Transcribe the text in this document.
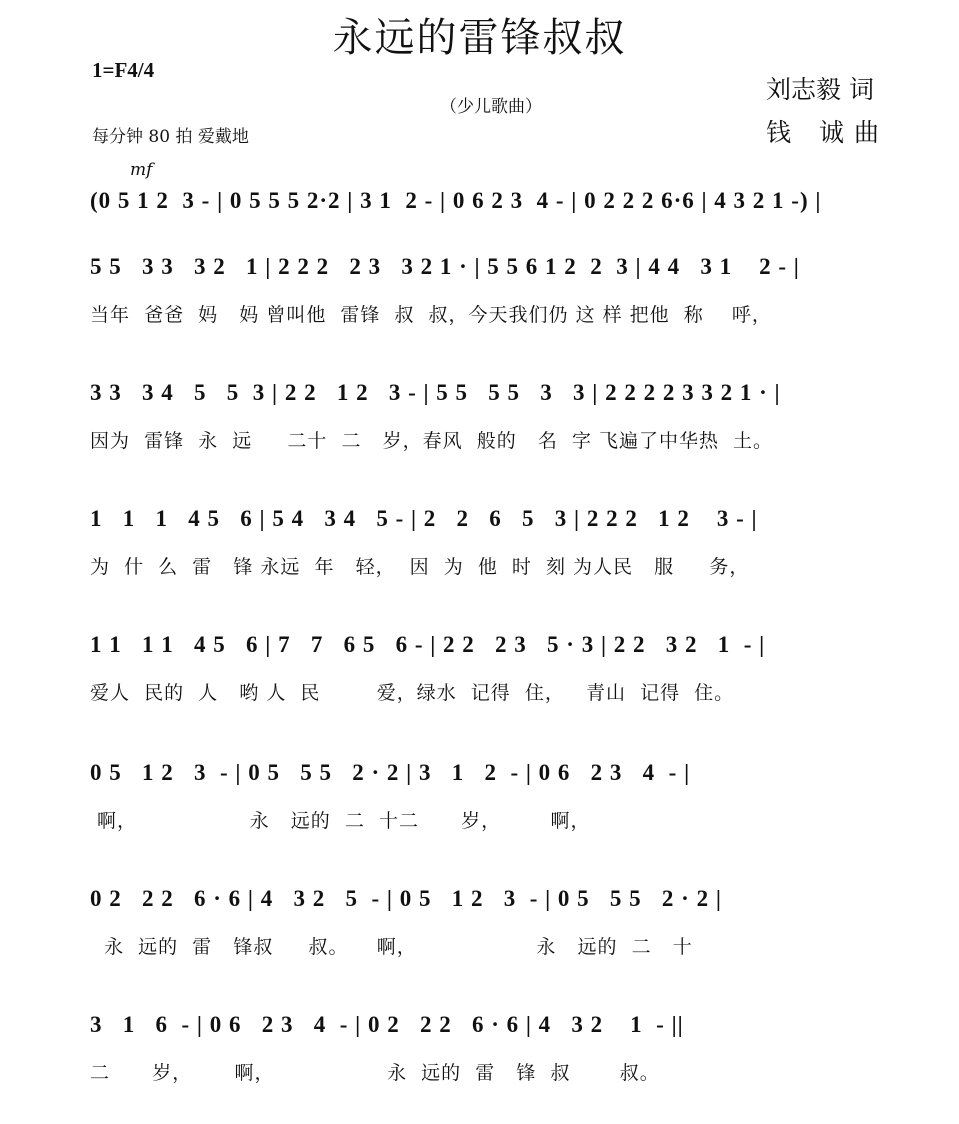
永远的雷锋叔叔
1=F4/4
（少儿歌曲）
刘志毅 词
钱 诚曲
每分钟 80 拍 爱戴地
mf
(0 5 1 2  3 - | 0 5 5 5 2·2 | 3 1  2 - | 0 6 2 3  4 - | 0 2 2 2 6·6 | 4 3 2 1 -) |
5 5   3 3   3 2   1 | 2 2 2   2 3   3 2 1 · | 5 5 6 1 2  2  3 | 4 4   3 1    2 - |
当年  爸爸  妈   妈 曾叫他  雷锋  叔  叔，今天我们仍 这 样 把他  称    呼，
3 3   3 4   5   5  3 | 2 2   1 2   3 - | 5 5   5 5   3   3 | 2 2 2 2 3 3 2 1 · |
因为  雷锋  永  远     二十  二   岁，春风  般的   名  字 飞遍了中华热  土。
1   1   1   4 5   6 | 5 4   3 4   5 - | 2   2   6   5   3 | 2 2 2   1 2    3 - |
为  什  么  雷   锋 永远  年   轻，  因  为  他  时  刻 为人民   服     务，
1 1   1 1   4 5   6 | 7   7   6 5   6 - | 2 2   2 3   5 · 3 | 2 2   3 2   1  - |
爱人  民的  人   哟 人  民        爱，绿水  记得  住，   青山  记得  住。
0 5   1 2   3  - | 0 5   5 5   2 · 2 | 3   1   2  - | 0 6   2 3   4  - |
啊，                永   远的  二  十二      岁，       啊，
0 2   2 2   6 · 6 | 4   3 2   5  - | 0 5   1 2   3  - | 0 5   5 5   2 · 2 |
永  远的  雷   锋叔     叔。    啊，                 永   远的  二   十
3   1   6  - | 0 6   2 3   4  - | 0 2   2 2   6 · 6 | 4   3 2    1  - ||
二      岁，      啊，                永  远的  雷   锋  叔       叔。
